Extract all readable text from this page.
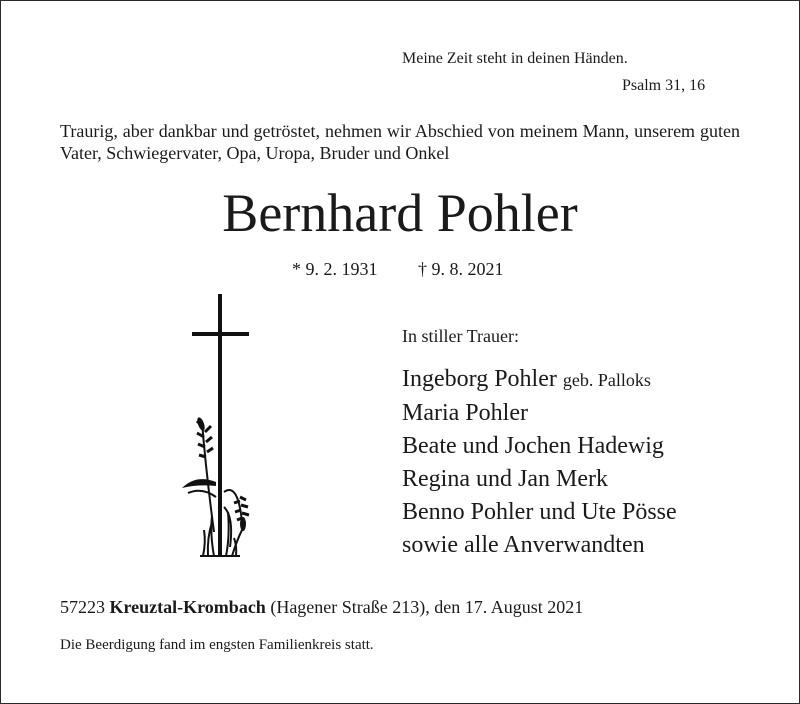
Meine Zeit steht in deinen Händen.
Psalm 31, 16
Traurig, aber dankbar und getröstet, nehmen wir Abschied von meinem Mann, unserem guten Vater, Schwiegervater, Opa, Uropa, Bruder und Onkel
Bernhard Pohler
* 9. 2. 1931 † 9. 8. 2021
In stiller Trauer:
Ingeborg Pohler geb. Palloks
Maria Pohler
Beate und Jochen Hadewig
Regina und Jan Merk
Benno Pohler und Ute Pösse
sowie alle Anverwandten
57223 Kreuztal-Krombach (Hagener Straße 213), den 17. August 2021
Die Beerdigung fand im engsten Familienkreis statt.
